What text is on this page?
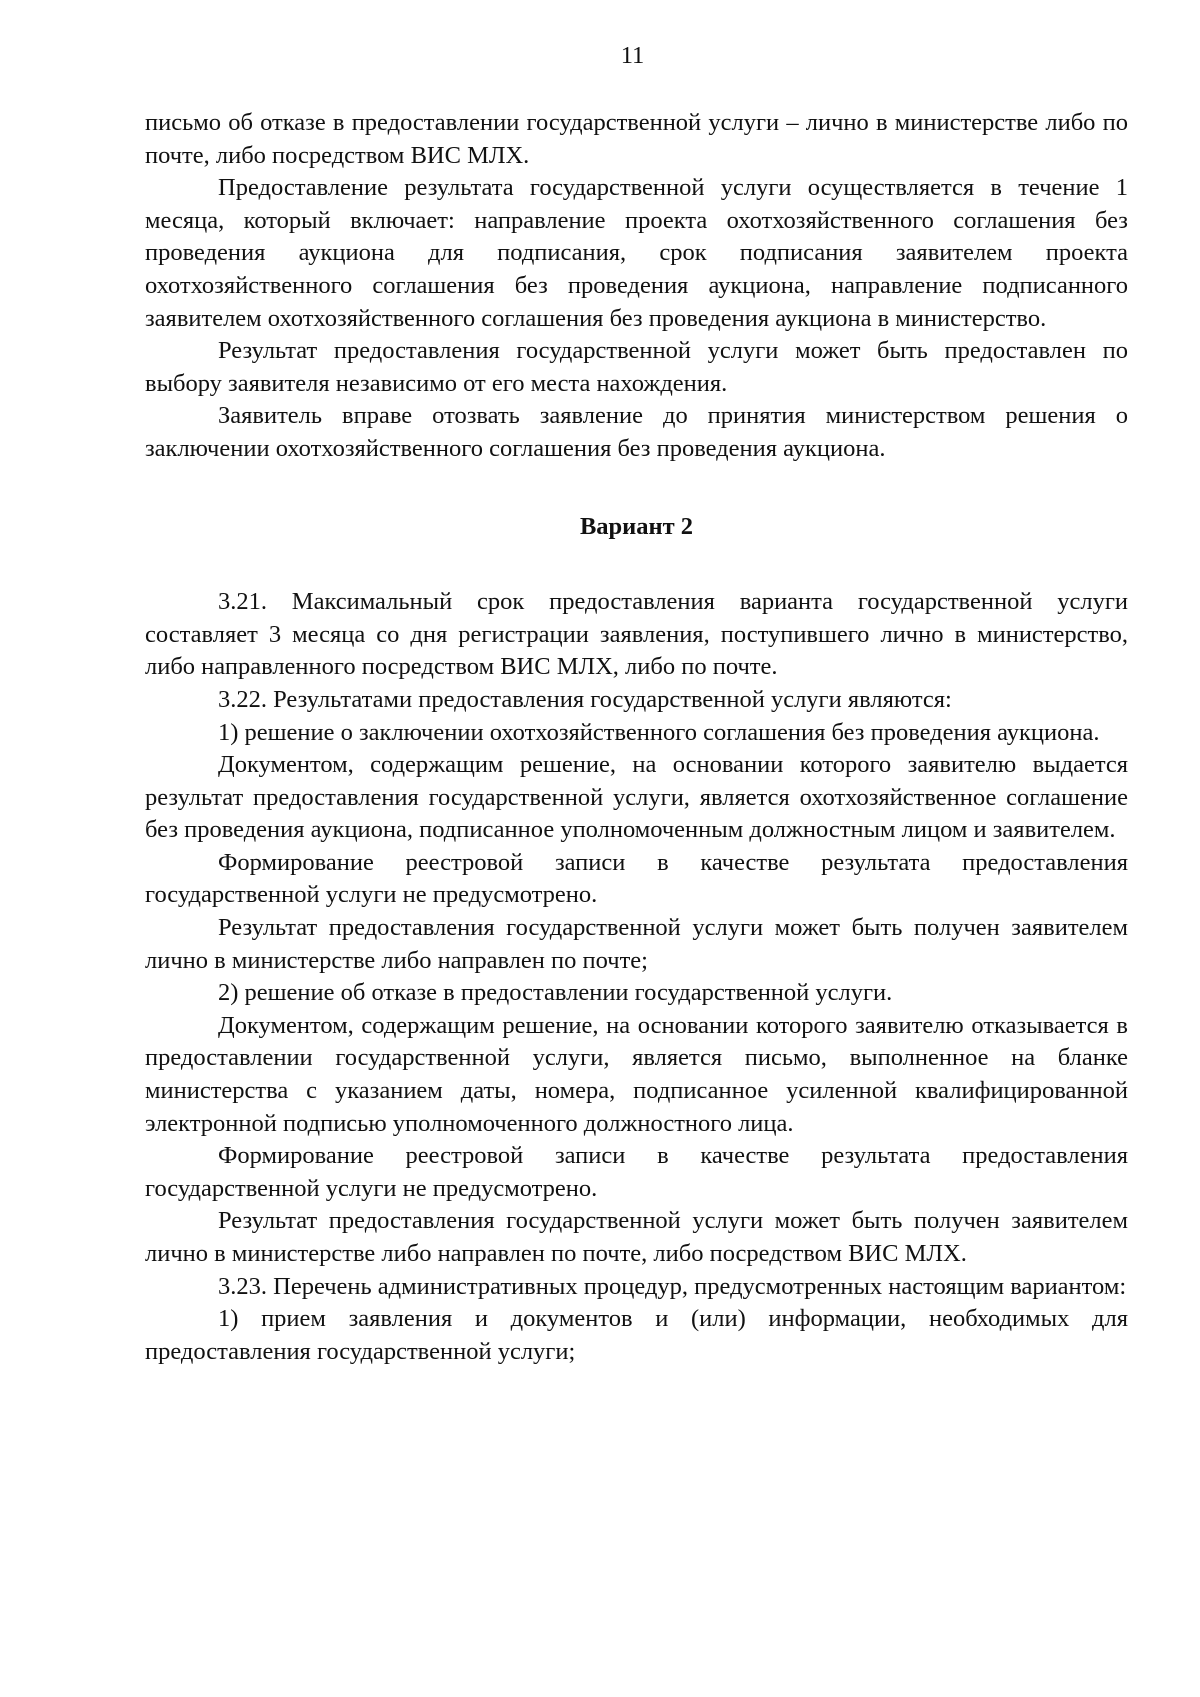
11

письмо об отказе в предоставлении государственной услуги – лично в министерстве либо по почте, либо посредством ВИС МЛХ.

Предоставление результата государственной услуги осуществляется в течение 1 месяца, который включает: направление проекта охотхозяйственного соглашения без проведения аукциона для подписания, срок подписания заявителем проекта охотхозяйственного соглашения без проведения аукциона, направление подписанного заявителем охотхозяйственного соглашения без проведения аукциона в министерство.

Результат предоставления государственной услуги может быть предоставлен по выбору заявителя независимо от его места нахождения.

Заявитель вправе отозвать заявление до принятия министерством решения о заключении охотхозяйственного соглашения без проведения аукциона.

Вариант 2

3.21. Максимальный срок предоставления варианта государственной услуги составляет 3 месяца со дня регистрации заявления, поступившего лично в министерство, либо направленного посредством ВИС МЛХ, либо по почте.

3.22. Результатами предоставления государственной услуги являются:

1) решение о заключении охотхозяйственного соглашения без проведения аукциона.

Документом, содержащим решение, на основании которого заявителю выдается результат предоставления государственной услуги, является охотхозяйственное соглашение без проведения аукциона, подписанное уполномоченным должностным лицом и заявителем.

Формирование реестровой записи в качестве результата предоставления государственной услуги не предусмотрено.

Результат предоставления государственной услуги может быть получен заявителем лично в министерстве либо направлен по почте;

2) решение об отказе в предоставлении государственной услуги.

Документом, содержащим решение, на основании которого заявителю отказывается в предоставлении государственной услуги, является письмо, выполненное на бланке министерства с указанием даты, номера, подписанное усиленной квалифицированной электронной подписью уполномоченного должностного лица.

Формирование реестровой записи в качестве результата предоставления государственной услуги не предусмотрено.

Результат предоставления государственной услуги может быть получен заявителем лично в министерстве либо направлен по почте, либо посредством ВИС МЛХ.

3.23. Перечень административных процедур, предусмотренных настоящим вариантом:

1) прием заявления и документов и (или) информации, необходимых для предоставления государственной услуги;
